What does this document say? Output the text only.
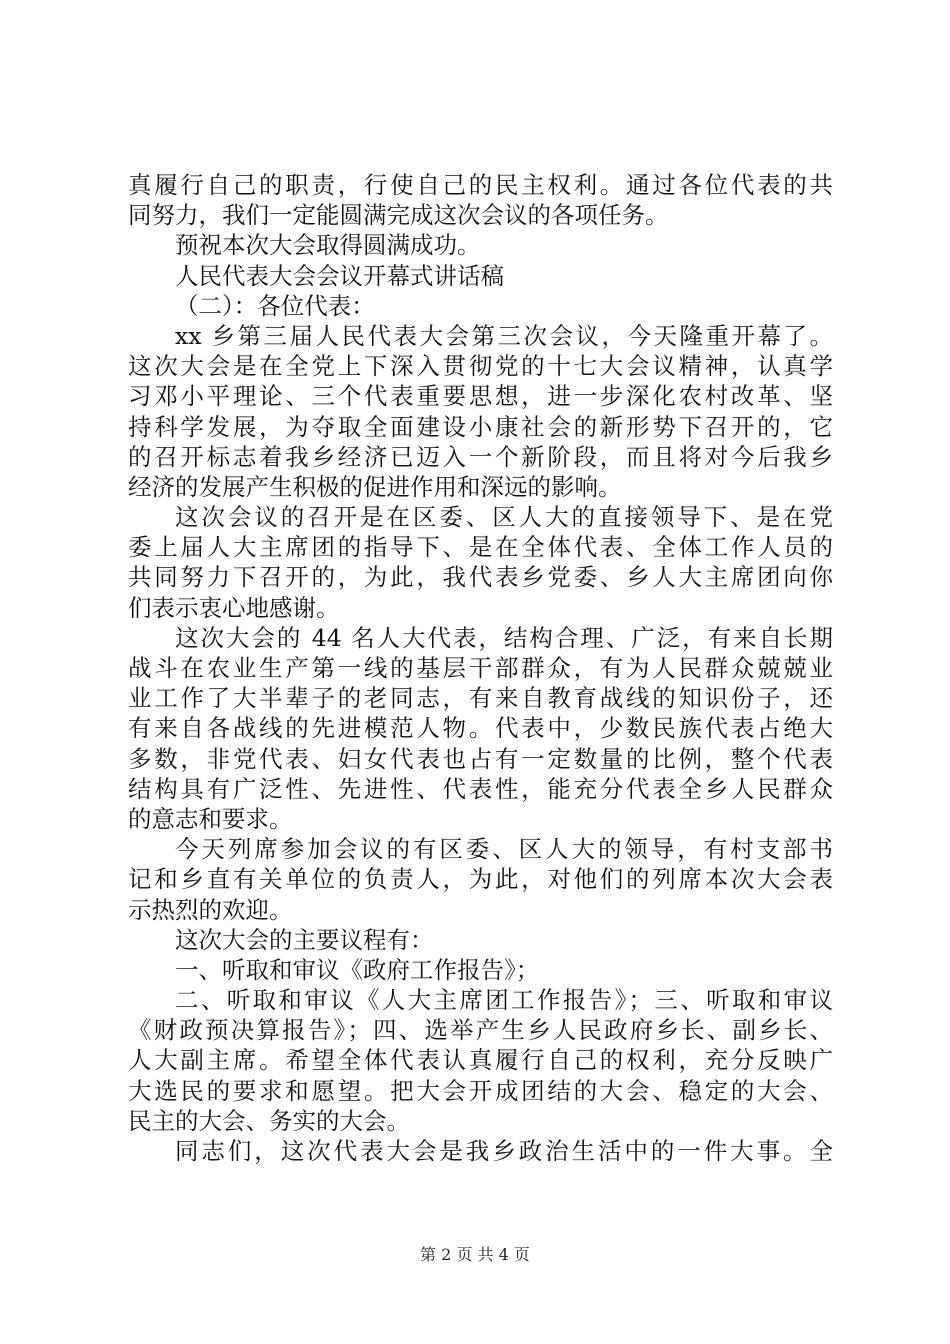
真履行自己的职责，行使自己的民主权利。通过各位代表的共
同努力，我们一定能圆满完成这次会议的各项任务。
预祝本次大会取得圆满成功。
人民代表大会会议开幕式讲话稿
（二）：各位代表：
xx 乡第三届人民代表大会第三次会议，今天隆重开幕了。
这次大会是在全党上下深入贯彻党的十七大会议精神，认真学
习邓小平理论、三个代表重要思想，进一步深化农村改革、坚
持科学发展，为夺取全面建设小康社会的新形势下召开的，它
的召开标志着我乡经济已迈入一个新阶段，而且将对今后我乡
经济的发展产生积极的促进作用和深远的影响。
这次会议的召开是在区委、区人大的直接领导下、是在党
委上届人大主席团的指导下、是在全体代表、全体工作人员的
共同努力下召开的，为此，我代表乡党委、乡人大主席团向你
们表示衷心地感谢。
这次大会的 44 名人大代表，结构合理、广泛，有来自长期
战斗在农业生产第一线的基层干部群众，有为人民群众兢兢业
业工作了大半辈子的老同志，有来自教育战线的知识份子，还
有来自各战线的先进模范人物。代表中，少数民族代表占绝大
多数，非党代表、妇女代表也占有一定数量的比例，整个代表
结构具有广泛性、先进性、代表性，能充分代表全乡人民群众
的意志和要求。
今天列席参加会议的有区委、区人大的领导，有村支部书
记和乡直有关单位的负责人，为此，对他们的列席本次大会表
示热烈的欢迎。
这次大会的主要议程有：
一、听取和审议《政府工作报告》；
二、听取和审议《人大主席团工作报告》；三、听取和审议
《财政预决算报告》；四、选举产生乡人民政府乡长、副乡长、
人大副主席。希望全体代表认真履行自己的权利，充分反映广
大选民的要求和愿望。把大会开成团结的大会、稳定的大会、
民主的大会、务实的大会。
同志们，这次代表大会是我乡政治生活中的一件大事。全
第 2 页 共 4 页
